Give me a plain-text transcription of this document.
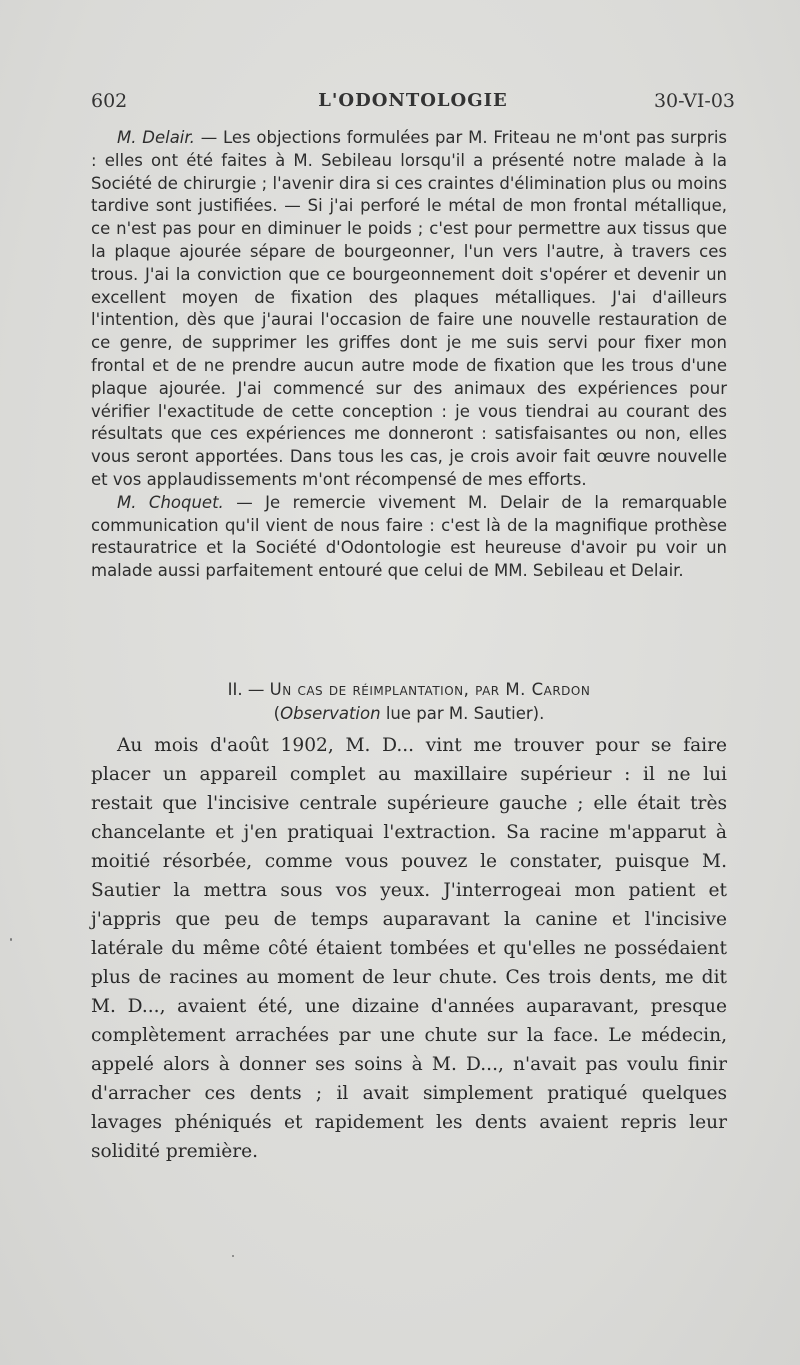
602	L'ODONTOLOGIE	30-VI-03

M. Delair. — Les objections formulées par M. Friteau ne m'ont pas surpris : elles ont été faites à M. Sebileau lorsqu'il a présenté notre malade à la Société de chirurgie ; l'avenir dira si ces craintes d'élimination plus ou moins tardive sont justifiées. — Si j'ai perforé le métal de mon frontal métallique, ce n'est pas pour en diminuer le poids ; c'est pour permettre aux tissus que la plaque ajourée sépare de bourgeonner, l'un vers l'autre, à travers ces trous. J'ai la conviction que ce bourgeonnement doit s'opérer et devenir un excellent moyen de fixation des plaques métalliques. J'ai d'ailleurs l'intention, dès que j'aurai l'occasion de faire une nouvelle restauration de ce genre, de supprimer les griffes dont je me suis servi pour fixer mon frontal et de ne prendre aucun autre mode de fixation que les trous d'une plaque ajourée. J'ai commencé sur des animaux des expériences pour vérifier l'exactitude de cette conception : je vous tiendrai au courant des résultats que ces expériences me donneront : satisfaisantes ou non, elles vous seront apportées. Dans tous les cas, je crois avoir fait œuvre nouvelle et vos applaudissements m'ont récompensé de mes efforts.

M. Choquet. — Je remercie vivement M. Delair de la remarquable communication qu'il vient de nous faire : c'est là de la magnifique prothèse restauratrice et la Société d'Odontologie est heureuse d'avoir pu voir un malade aussi parfaitement entouré que celui de MM. Sebileau et Delair.

II. — Un cas de réimplantation, par M. Cardon
(Observation lue par M. Sautier).

Au mois d'août 1902, M. D... vint me trouver pour se faire placer un appareil complet au maxillaire supérieur : il ne lui restait que l'incisive centrale supérieure gauche ; elle était très chancelante et j'en pratiquai l'extraction. Sa racine m'apparut à moitié résorbée, comme vous pouvez le constater, puisque M. Sautier la mettra sous vos yeux. J'interrogeai mon patient et j'appris que peu de temps auparavant la canine et l'incisive latérale du même côté étaient tombées et qu'elles ne possédaient plus de racines au moment de leur chute. Ces trois dents, me dit M. D..., avaient été, une dizaine d'années auparavant, presque complètement arrachées par une chute sur la face. Le médecin, appelé alors à donner ses soins à M. D..., n'avait pas voulu finir d'arracher ces dents ; il avait simplement pratiqué quelques lavages phéniqués et rapidement les dents avaient repris leur solidité première.
